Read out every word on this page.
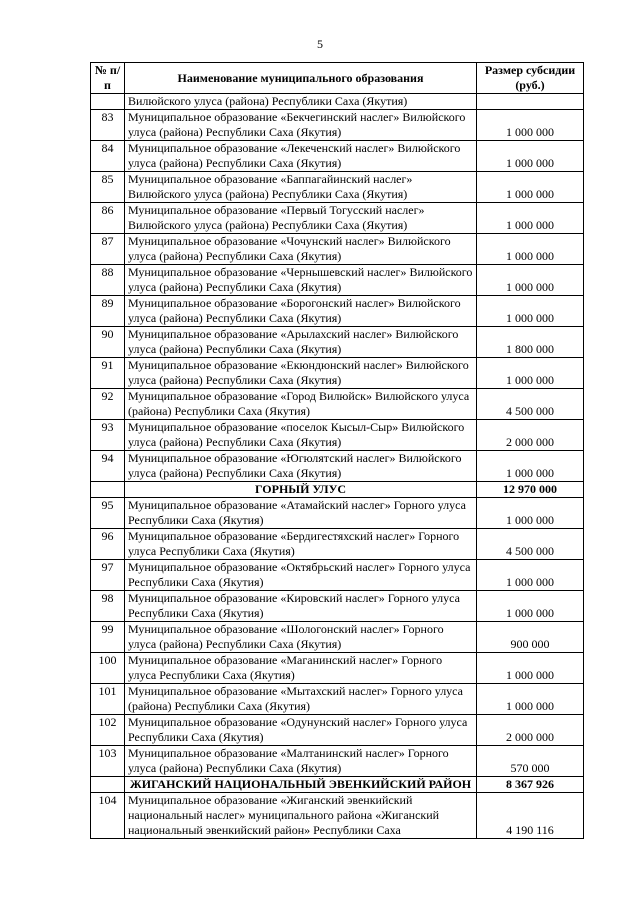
5
№ п/п	Наименование муниципального образования	Размер субсидии (руб.)
	Вилюйского улуса (района) Республики Саха (Якутия)	
83	Муниципальное образование «Бекчегинский наслег» Вилюйского улуса (района) Республики Саха (Якутия)	1 000 000
84	Муниципальное образование «Лекеченский наслег» Вилюйского улуса (района) Республики Саха (Якутия)	1 000 000
85	Муниципальное образование «Баппагайинский наслег» Вилюйского улуса (района) Республики Саха (Якутия)	1 000 000
86	Муниципальное образование «Первый Тогусский наслег» Вилюйского улуса (района) Республики Саха (Якутия)	1 000 000
87	Муниципальное образование «Чочунский наслег» Вилюйского улуса (района) Республики Саха (Якутия)	1 000 000
88	Муниципальное образование «Чернышевский наслег» Вилюйского улуса (района) Республики Саха (Якутия)	1 000 000
89	Муниципальное образование «Борогонский наслег» Вилюйского улуса (района) Республики Саха (Якутия)	1 000 000
90	Муниципальное образование «Арылахский наслег» Вилюйского улуса (района) Республики Саха (Якутия)	1 800 000
91	Муниципальное образование «Екюндюнский наслег» Вилюйского улуса (района) Республики Саха (Якутия)	1 000 000
92	Муниципальное образование «Город Вилюйск» Вилюйского улуса (района) Республики Саха (Якутия)	4 500 000
93	Муниципальное образование «поселок Кысыл-Сыр» Вилюйского улуса (района) Республики Саха (Якутия)	2 000 000
94	Муниципальное образование «Югюлятский наслег» Вилюйского улуса (района) Республики Саха (Якутия)	1 000 000
	ГОРНЫЙ УЛУС	12 970 000
95	Муниципальное образование «Атамайский наслег» Горного улуса Республики Саха (Якутия)	1 000 000
96	Муниципальное образование «Бердигестяхский наслег» Горного улуса Республики Саха (Якутия)	4 500 000
97	Муниципальное образование «Октябрьский наслег» Горного улуса Республики Саха (Якутия)	1 000 000
98	Муниципальное образование «Кировский наслег» Горного улуса Республики Саха (Якутия)	1 000 000
99	Муниципальное образование «Шологонский наслег» Горного улуса (района) Республики Саха (Якутия)	900 000
100	Муниципальное образование «Маганинский наслег» Горного улуса Республики Саха (Якутия)	1 000 000
101	Муниципальное образование «Мытахский наслег» Горного улуса (района) Республики Саха (Якутия)	1 000 000
102	Муниципальное образование «Одунунский наслег» Горного улуса Республики Саха (Якутия)	2 000 000
103	Муниципальное образование «Малтанинский наслег» Горного улуса (района) Республики Саха (Якутия)	570 000
	ЖИГАНСКИЙ НАЦИОНАЛЬНЫЙ ЭВЕНКИЙСКИЙ РАЙОН	8 367 926
104	Муниципальное образование «Жиганский эвенкийский национальный наслег» муниципального района «Жиганский национальный эвенкийский район» Республики Саха	4 190 116
